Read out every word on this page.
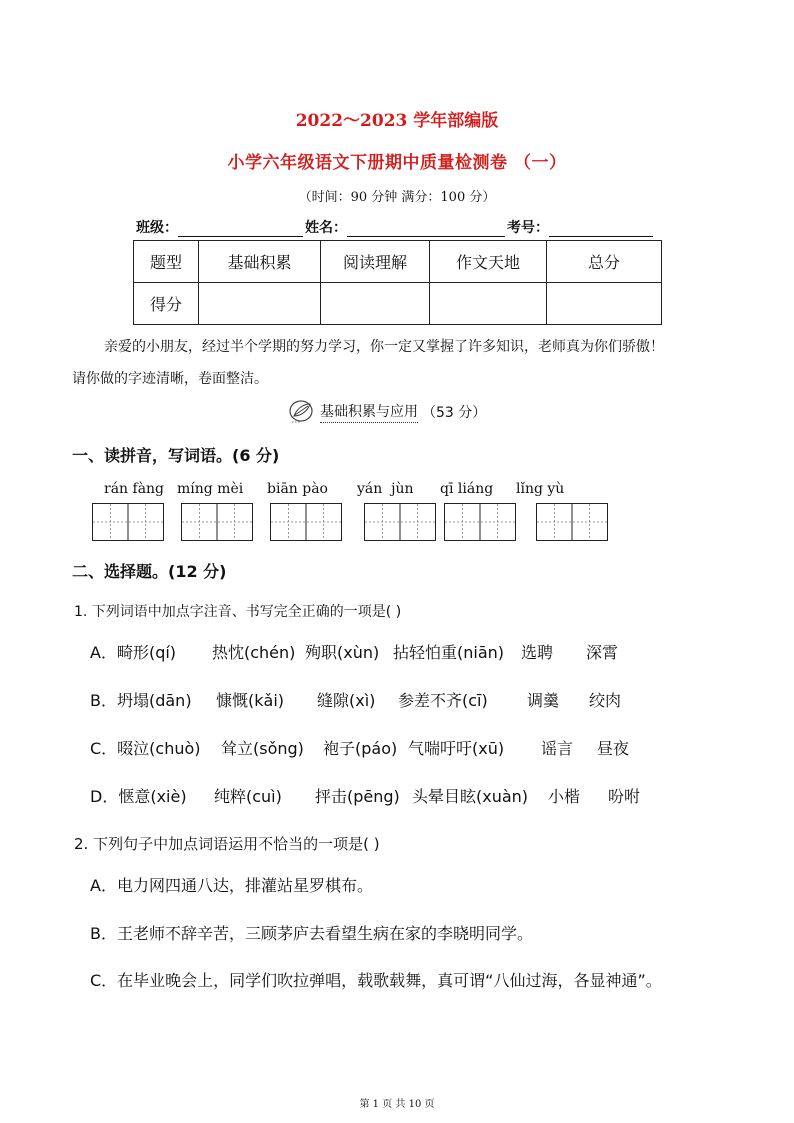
2022～2023 学年部编版
小学六年级语文下册期中质量检测卷 （一）
（时间：90 分钟 满分：100 分）
班级：	姓名：	考号：
题型	基础积累	阅读理解	作文天地	总分
得分				
亲爱的小朋友，经过半个学期的努力学习，你一定又掌握了许多知识，老师真为你们骄傲！
请你做的字迹清晰，卷面整洁。
基础积累与应用 （53 分）
一、读拼音，写词语。(6 分)
rán fàng míng mèi biān pào yán  jùn qī liáng lǐng yù
二、选择题。(12 分)
1. 下列词语中加点字注音、书写完全正确的一项是( )
A．畸形(qí) 热忱(chén) 殉职(xùn) 拈轻怕重(niān) 选聘 深霄
B．坍塌(dān) 慷慨(kǎi) 缝隙(xì) 参差不齐(cī) 调羹 绞肉
C．啜泣(chuò) 耸立(sǒng) 袍子(páo) 气喘吁吁(xū) 谣言 昼夜
D．惬意(xiè) 纯粹(cuì) 抨击(pēng) 头晕目眩(xuàn) 小楷 吩咐
2. 下列句子中加点词语运用不恰当的一项是( )
A．电力网四通八达，排灌站星罗棋布。
B．王老师不辞辛苦，三顾茅庐去看望生病在家的李晓明同学。
C．在毕业晚会上，同学们吹拉弹唱，载歌载舞，真可谓“八仙过海，各显神通”。
第 1 页 共 10 页
